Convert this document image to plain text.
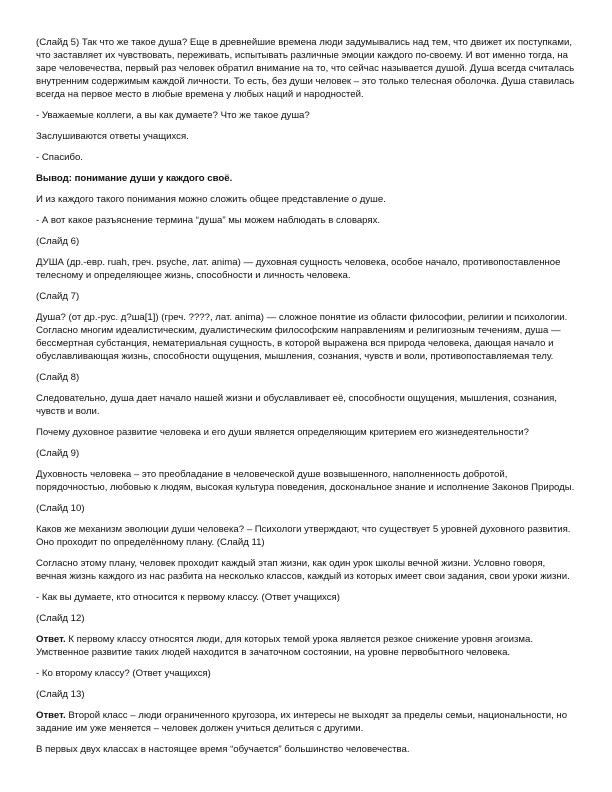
(Слайд 5) Так что же такое душа? Еще в древнейшие времена люди задумывались над тем, что движет их поступками, что заставляет их чувствовать, переживать, испытывать различные эмоции каждого по-своему. И вот именно тогда, на заре человечества, первый раз человек обратил внимание на то, что сейчас называется душой. Душа всегда считалась внутренним содержимым каждой личности. То есть, без души человек – это только телесная оболочка. Душа ставилась всегда на первое место в любые времена у любых наций и народностей.

- Уважаемые коллеги, а вы как думаете? Что же такое душа?

Заслушиваются ответы учащихся.

- Спасибо.

Вывод: понимание души у каждого своё.

И из каждого такого понимания можно сложить общее представление о душе.

- А вот какое разъяснение термина “душа” мы можем наблюдать в словарях.

(Слайд 6)

ДУША (др.-евр. ruah, греч. psyche, лат. anima) — духовная сущность человека, особое начало, противопоставленное телесному и определяющее жизнь, способности и личность человека.

(Слайд 7)

Душа? (от др.-рус. д?ша[1]) (греч. ????, лат. anima) — сложное понятие из области философии, религии и психологии. Согласно многим идеалистическим, дуалистическим философским направлениям и религиозным течениям, душа — бессмертная субстанция, нематериальная сущность, в которой выражена вся природа человека, дающая начало и обуславливающая жизнь, способности ощущения, мышления, сознания, чувств и воли, противопоставляемая телу.

(Слайд 8)

Следовательно, душа дает начало нашей жизни и обуславливает её, способности ощущения, мышления, сознания, чувств и воли.

Почему духовное развитие человека и его души является определяющим критерием его жизнедеятельности?

(Слайд 9)

Духовность человека – это преобладание в человеческой душе возвышенного, наполненность добротой, порядочностью, любовью к людям, высокая культура поведения, доскональное знание и исполнение Законов Природы.

(Слайд 10)

Каков же механизм эволюции души человека? – Психологи утверждают, что существует 5 уровней духовного развития. Оно проходит по определённому плану. (Слайд 11)

Согласно этому плану, человек проходит каждый этап жизни, как один урок школы вечной жизни. Условно говоря, вечная жизнь каждого из нас разбита на несколько классов, каждый из которых имеет свои задания, свои уроки жизни.

- Как вы думаете, кто относится к первому классу. (Ответ учащихся)

(Слайд 12)

Ответ. К первому классу относятся люди, для которых темой урока является резкое снижение уровня эгоизма. Умственное развитие таких людей находится в зачаточном состоянии, на уровне первобытного человека.

- Ко второму классу? (Ответ учащихся)

(Слайд 13)

Ответ. Второй класс – люди ограниченного кругозора, их интересы не выходят за пределы семьи, национальности, но задание им уже меняется – человек должен учиться делиться с другими.

В первых двух классах в настоящее время “обучается” большинство человечества.
